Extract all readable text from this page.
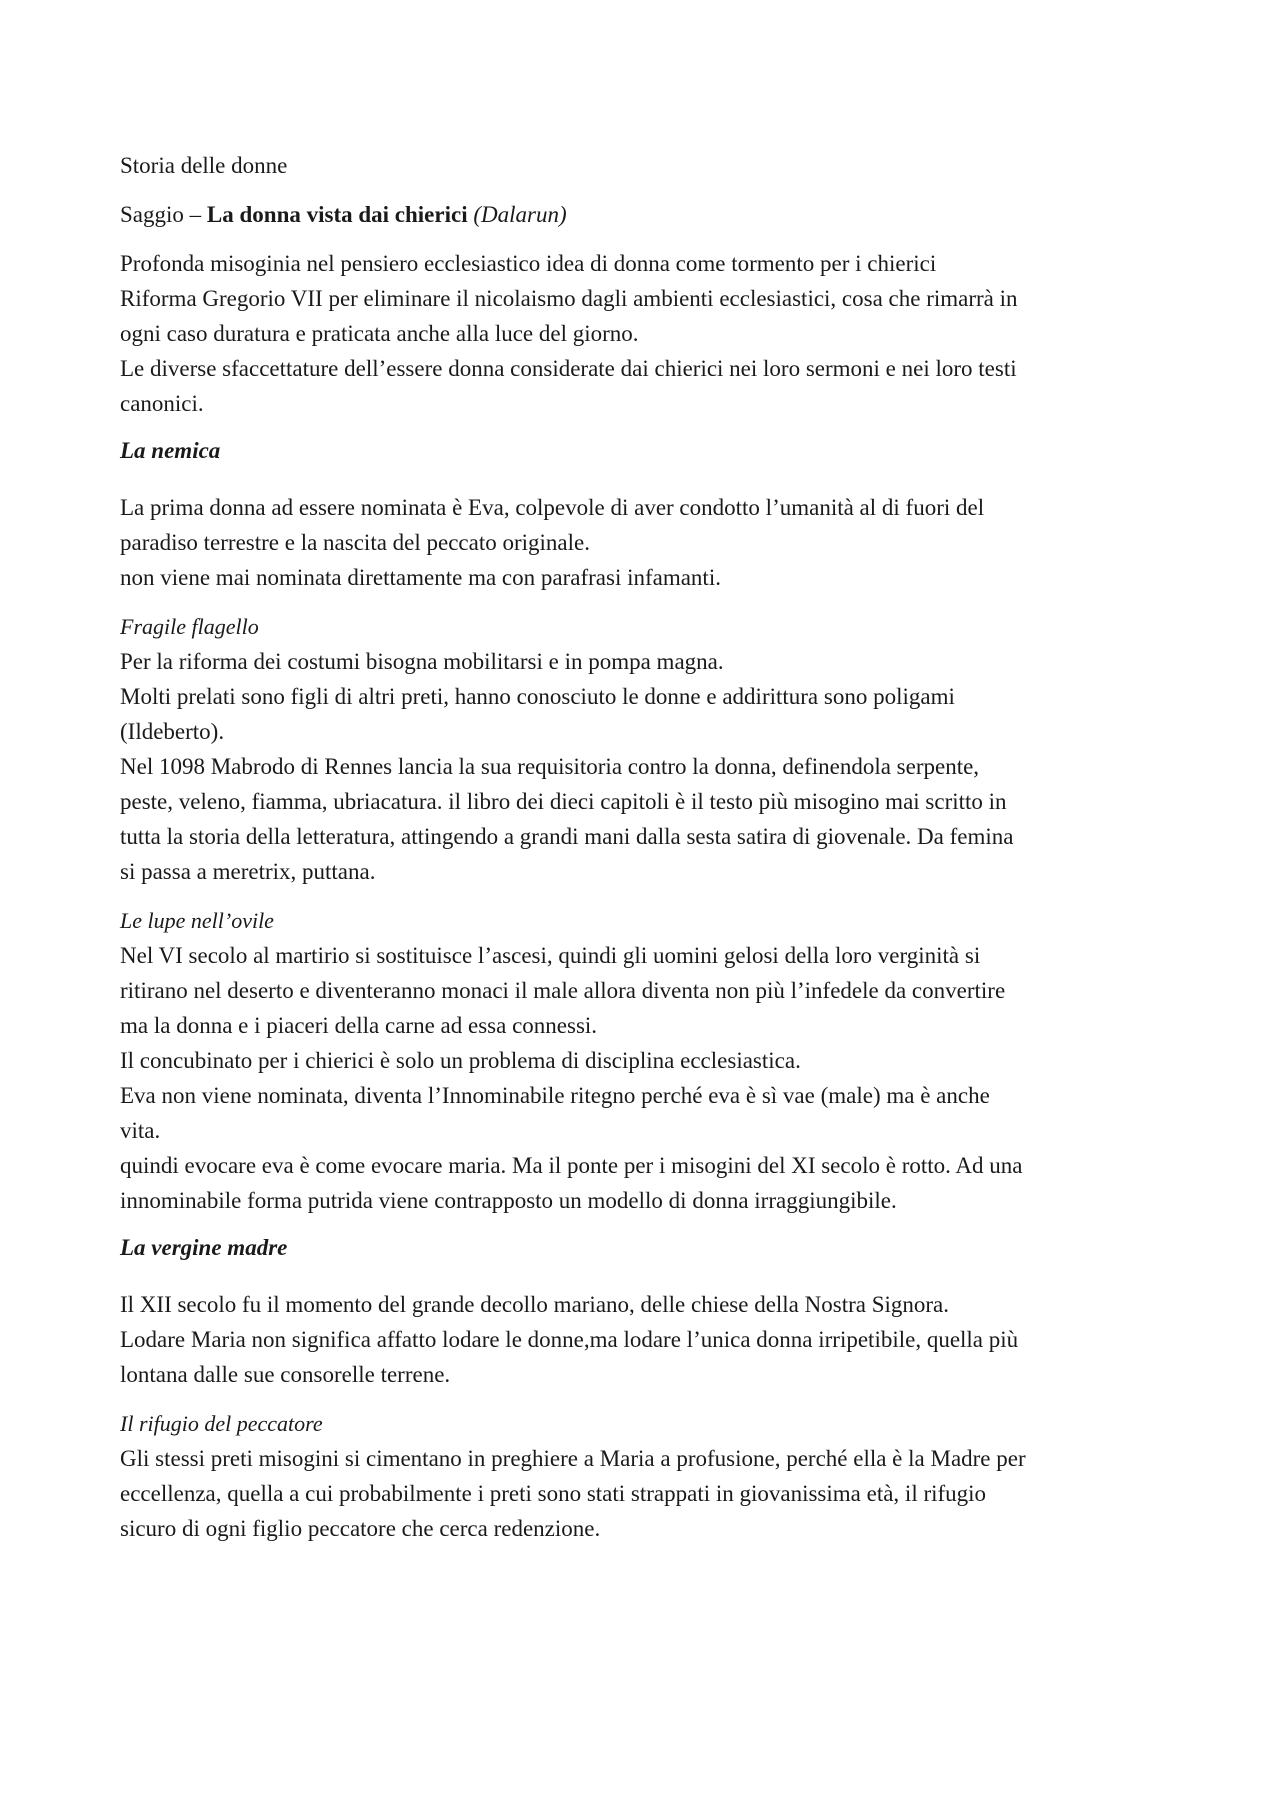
Storia delle donne

Saggio – La donna vista dai chierici (Dalarun)

Profonda misoginia nel pensiero ecclesiastico idea di donna come tormento per i chierici
Riforma Gregorio VII per eliminare il nicolaismo dagli ambienti ecclesiastici, cosa che rimarrà in
ogni caso duratura e praticata anche alla luce del giorno.
Le diverse sfaccettature dell’essere donna considerate dai chierici nei loro sermoni e nei loro testi
canonici.

La nemica

La prima donna ad essere nominata è Eva, colpevole di aver condotto l’umanità al di fuori del
paradiso terrestre e la nascita del peccato originale.
non viene mai nominata direttamente ma con parafrasi infamanti.

Fragile flagello

Per la riforma dei costumi bisogna mobilitarsi e in pompa magna.
Molti prelati sono figli di altri preti, hanno conosciuto le donne e addirittura sono poligami
(Ildeberto).
Nel 1098 Mabrodo di Rennes lancia la sua requisitoria contro la donna, definendola serpente,
peste, veleno, fiamma, ubriacatura. il libro dei dieci capitoli è il testo più misogino mai scritto in
tutta la storia della letteratura, attingendo a grandi mani dalla sesta satira di giovenale. Da femina
si passa a meretrix, puttana.

Le lupe nell’ovile

Nel VI secolo al martirio si sostituisce l’ascesi, quindi gli uomini gelosi della loro verginità si
ritirano nel deserto e diventeranno monaci il male allora diventa non più l’infedele da convertire
ma la donna e i piaceri della carne ad essa connessi.
Il concubinato per i chierici è solo un problema di disciplina ecclesiastica.
Eva non viene nominata, diventa l’Innominabile ritegno perché eva è sì vae (male) ma è anche
vita.
quindi evocare eva è come evocare maria. Ma il ponte per i misogini del XI secolo è rotto. Ad una
innominabile forma putrida viene contrapposto un modello di donna irraggiungibile.

La vergine madre

Il XII secolo fu il momento del grande decollo mariano, delle chiese della Nostra Signora.
Lodare Maria non significa affatto lodare le donne,ma lodare l’unica donna irripetibile, quella più
lontana dalle sue consorelle terrene.

Il rifugio del peccatore

Gli stessi preti misogini si cimentano in preghiere a Maria a profusione, perché ella è la Madre per
eccellenza, quella a cui probabilmente i preti sono stati strappati in giovanissima età, il rifugio
sicuro di ogni figlio peccatore che cerca redenzione.
